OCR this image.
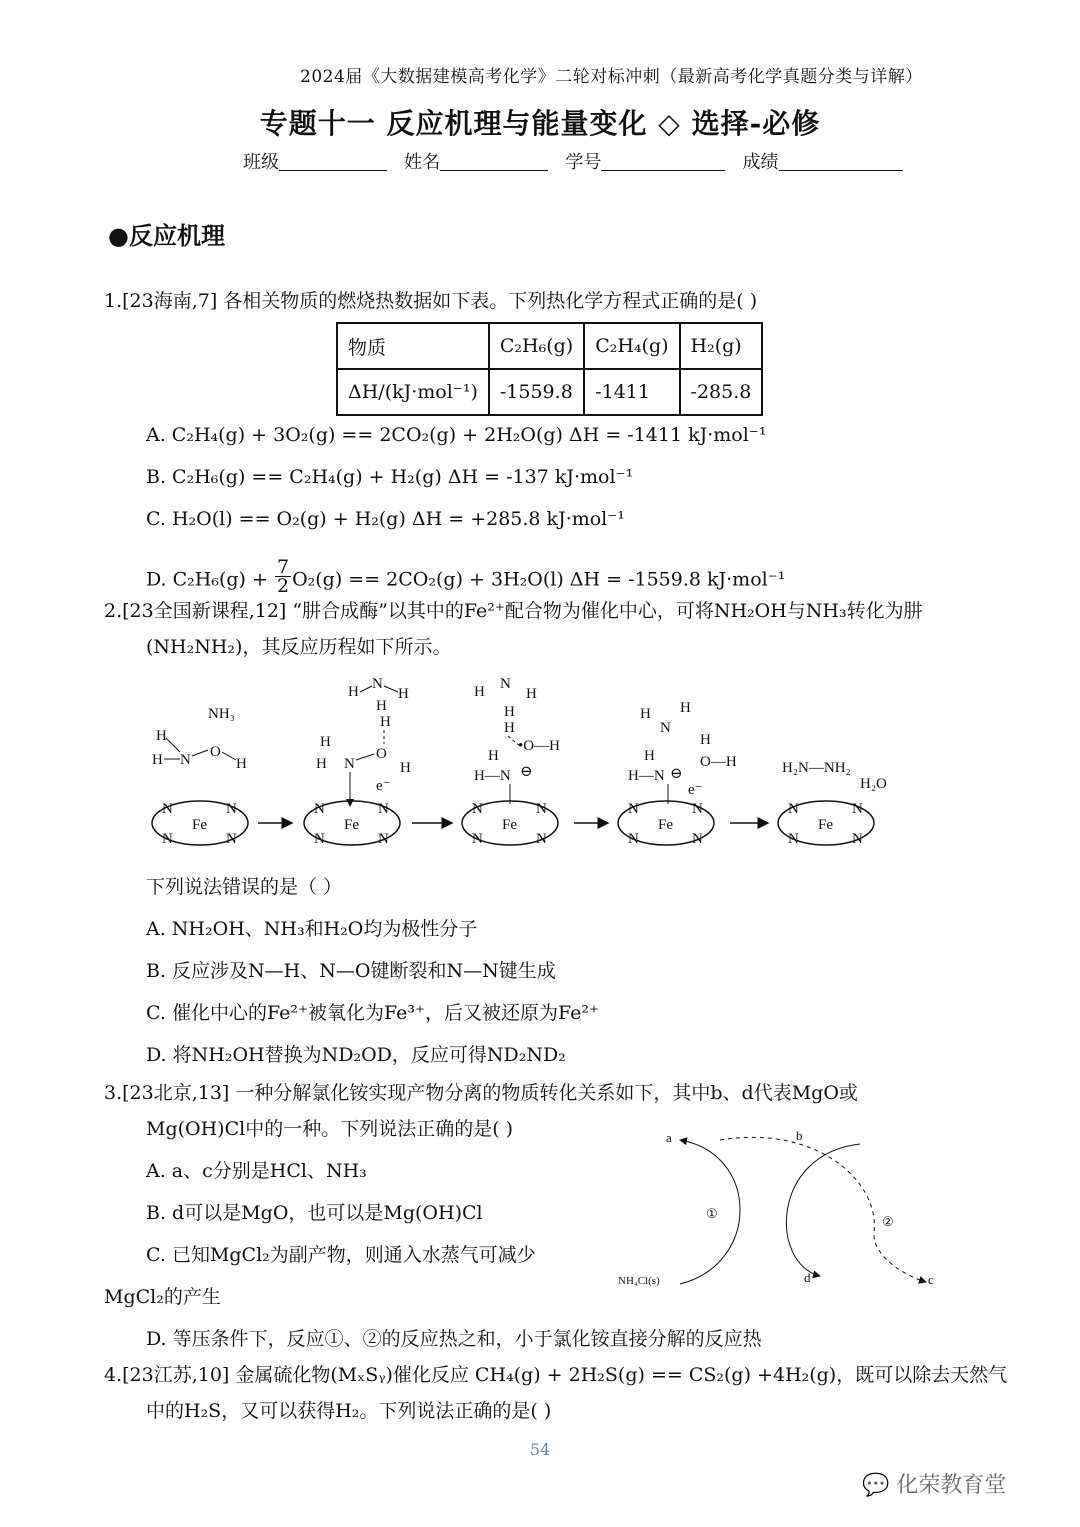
2024届《大数据建模高考化学》二轮对标冲刺（最新高考化学真题分类与详解）
专题十一 反应机理与能量变化 ◇ 选择-必修
班级	姓名	学号	成绩
●反应机理
1.[23海南,7] 各相关物质的燃烧热数据如下表。下列热化学方程式正确的是( )
物质	C₂H₆(g)	C₂H₄(g)	H₂(g)
ΔH/(kJ·mol⁻¹)	-1559.8	-1411	-285.8
A. C₂H₄(g) + 3O₂(g) == 2CO₂(g) + 2H₂O(g) ΔH = -1411 kJ·mol⁻¹
B. C₂H₆(g) == C₂H₄(g) + H₂(g) ΔH = -137 kJ·mol⁻¹
C. H₂O(l) == O₂(g) + H₂(g) ΔH = +285.8 kJ·mol⁻¹
D. $C_2H_6(g) + \frac{7}{2} O_2(g) == 2CO_2(g) + 3H_2O(l) \Delta H = -1559.8$ kJ·mol⁻¹
2.[23全国新课程,12] “肼合成酶”以其中的Fe²⁺配合物为催化中心，可将NH₂OH与NH₃转化为肼
(NH₂NH₂)，其反应历程如下所示。
NH₃
H
H N O
H
Fe
N
N
N
N
H N
H
H
H
H
H N
O
H
e⁻
Fe
N
N
N
N
H N
H
H
H
•O—H
H
H—N ⊖
Fe
N
N
N
N
H H
N
H
H—N ⊖
H
O—H
e⁻
Fe
N
N
N
N
H₂N—NH₂
H₂O
Fe
N
N
N
N
下列说法错误的是（ ）
A. NH₂OH、NH₃和H₂O均为极性分子
B. 反应涉及N—H、N—O键断裂和N—N键生成
C. 催化中心的Fe²⁺被氧化为Fe³⁺，后又被还原为Fe²⁺
D. 将NH₂OH替换为ND₂OD，反应可得ND₂ND₂
3.[23北京,13] 一种分解氯化铵实现产物分离的物质转化关系如下，其中b、d代表MgO或
Mg(OH)Cl中的一种。下列说法正确的是( )
A. a、c分别是HCl、NH₃
B. d可以是MgO，也可以是Mg(OH)Cl
C. 已知MgCl₂为副产物，则通入水蒸气可减少
MgCl₂的产生
D. 等压条件下，反应①、②的反应热之和，小于氯化铵直接分解的反应热
a	b
①
②
NH₄Cl(s)	d	c
4.[23江苏,10] 金属硫化物(MₓSᵧ)催化反应 CH₄(g) + 2H₂S(g) == CS₂(g) +4H₂(g)，既可以除去天然气
中的H₂S，又可以获得H₂。下列说法正确的是( )
54
💬 化荣教育堂
